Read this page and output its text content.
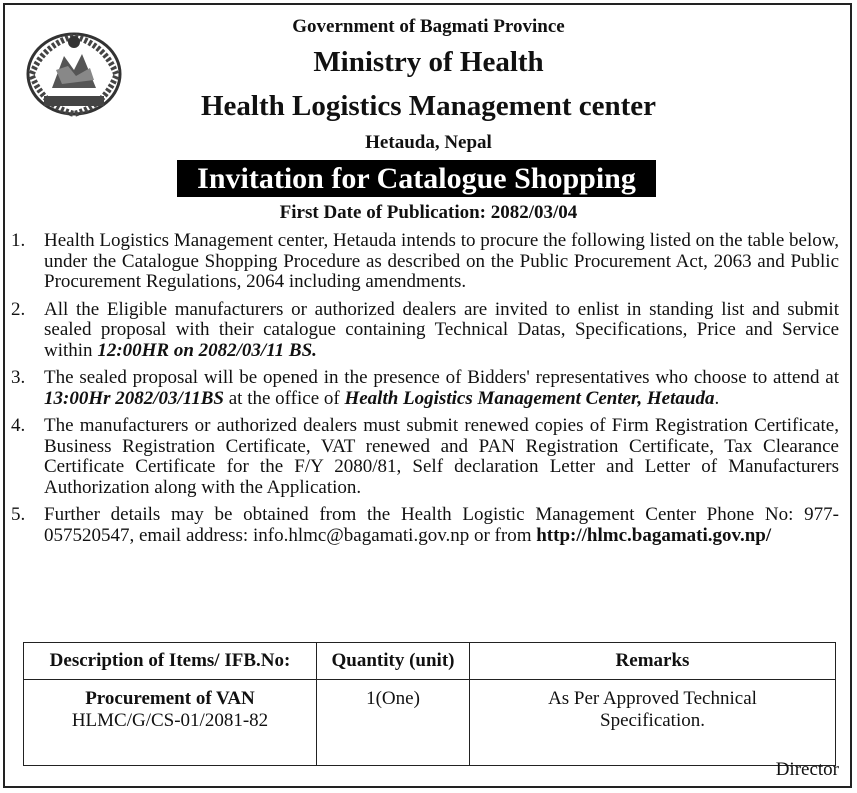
Government of Bagmati Province
Ministry of Health
Health Logistics Management center
Hetauda, Nepal
Invitation for Catalogue Shopping
First Date of Publication: 2082/03/04
1. Health Logistics Management center, Hetauda intends to procure the following listed on the table below, under the Catalogue Shopping Procedure as described on the Public Procurement Act, 2063 and Public Procurement Regulations, 2064 including amendments.
2. All the Eligible manufacturers or authorized dealers are invited to enlist in standing list and submit sealed proposal with their catalogue containing Technical Datas, Specifications, Price and Service within 12:00HR on 2082/03/11 BS.
3. The sealed proposal will be opened in the presence of Bidders' representatives who choose to attend at 13:00Hr 2082/03/11BS at the office of Health Logistics Management Center, Hetauda.
4. The manufacturers or authorized dealers must submit renewed copies of Firm Registration Certificate, Business Registration Certificate, VAT renewed and PAN Registration Certificate, Tax Clearance Certificate Certificate for the F/Y 2080/81, Self declaration Letter and Letter of Manufacturers Authorization along with the Application.
5. Further details may be obtained from the Health Logistic Management Center Phone No: 977-057520547, email address: info.hlmc@bagamati.gov.np or from http://hlmc.bagamati.gov.np/
Description of Items/ IFB.No:	Quantity (unit)	Remarks

Procurement of VAN
HLMC/G/CS-01/2081-82	1(One)	As Per Approved Technical Specification.
Director
